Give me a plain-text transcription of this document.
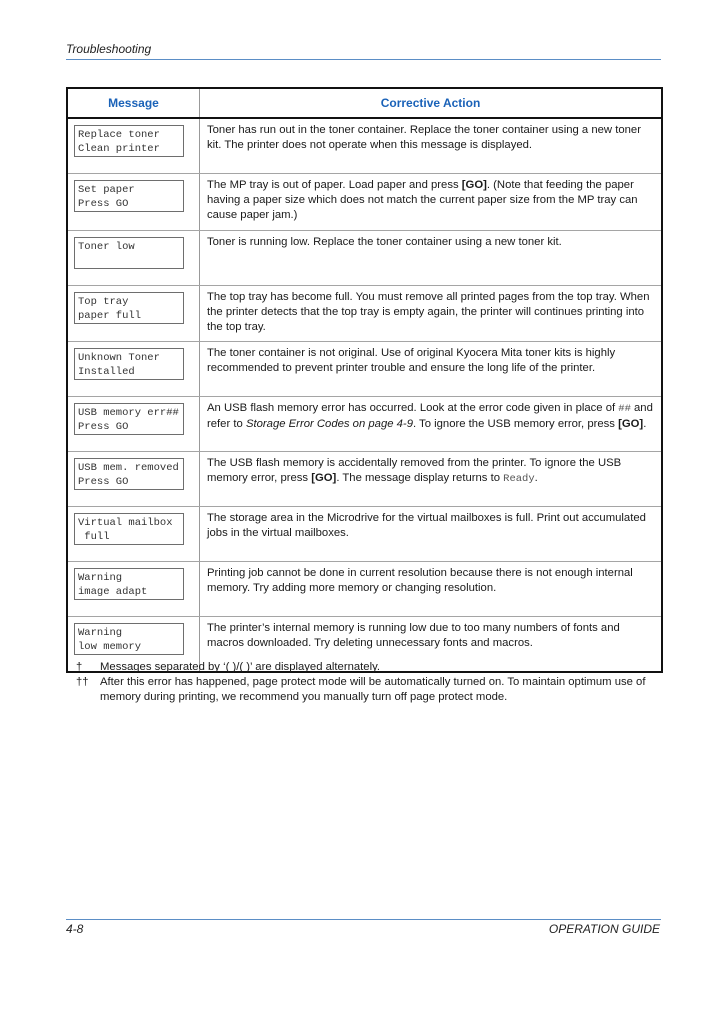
Troubleshooting
Message	Corrective Action

Replace toner
Clean printer	Toner has run out in the toner container. Replace the toner container using a new toner kit. The printer does not operate when this message is displayed.

Set paper
Press GO	The MP tray is out of paper. Load paper and press [GO]. (Note that feeding the paper having a paper size which does not match the current paper size from the MP tray can cause paper jam.)

Toner low	Toner is running low. Replace the toner container using a new toner kit.

Top tray
paper full	The top tray has become full. You must remove all printed pages from the top tray. When the printer detects that the top tray is empty again, the printer will continues printing into the top tray.

Unknown Toner
Installed	The toner container is not original. Use of original Kyocera Mita toner kits is highly recommended to prevent printer trouble and ensure the long life of the printer.

USB memory err##
Press GO	An USB flash memory error has occurred. Look at the error code given in place of ## and refer to Storage Error Codes on page 4-9. To ignore the USB memory error, press [GO].

USB mem. removed
Press GO	The USB flash memory is accidentally removed from the printer. To ignore the USB memory error, press [GO]. The message display returns to Ready.

Virtual mailbox
full	The storage area in the Microdrive for the virtual mailboxes is full. Print out accumulated jobs in the virtual mailboxes.

Warning
image adapt	Printing job cannot be done in current resolution because there is not enough internal memory. Try adding more memory or changing resolution.

Warning
low memory	The printer’s internal memory is running low due to too many numbers of fonts and macros downloaded. Try deleting unnecessary fonts and macros.
†	Messages separated by ‘( )/( )’ are displayed alternately.
††	After this error has happened, page protect mode will be automatically turned on. To maintain optimum use of memory during printing, we recommend you manually turn off page protect mode.
4-8	OPERATION GUIDE
